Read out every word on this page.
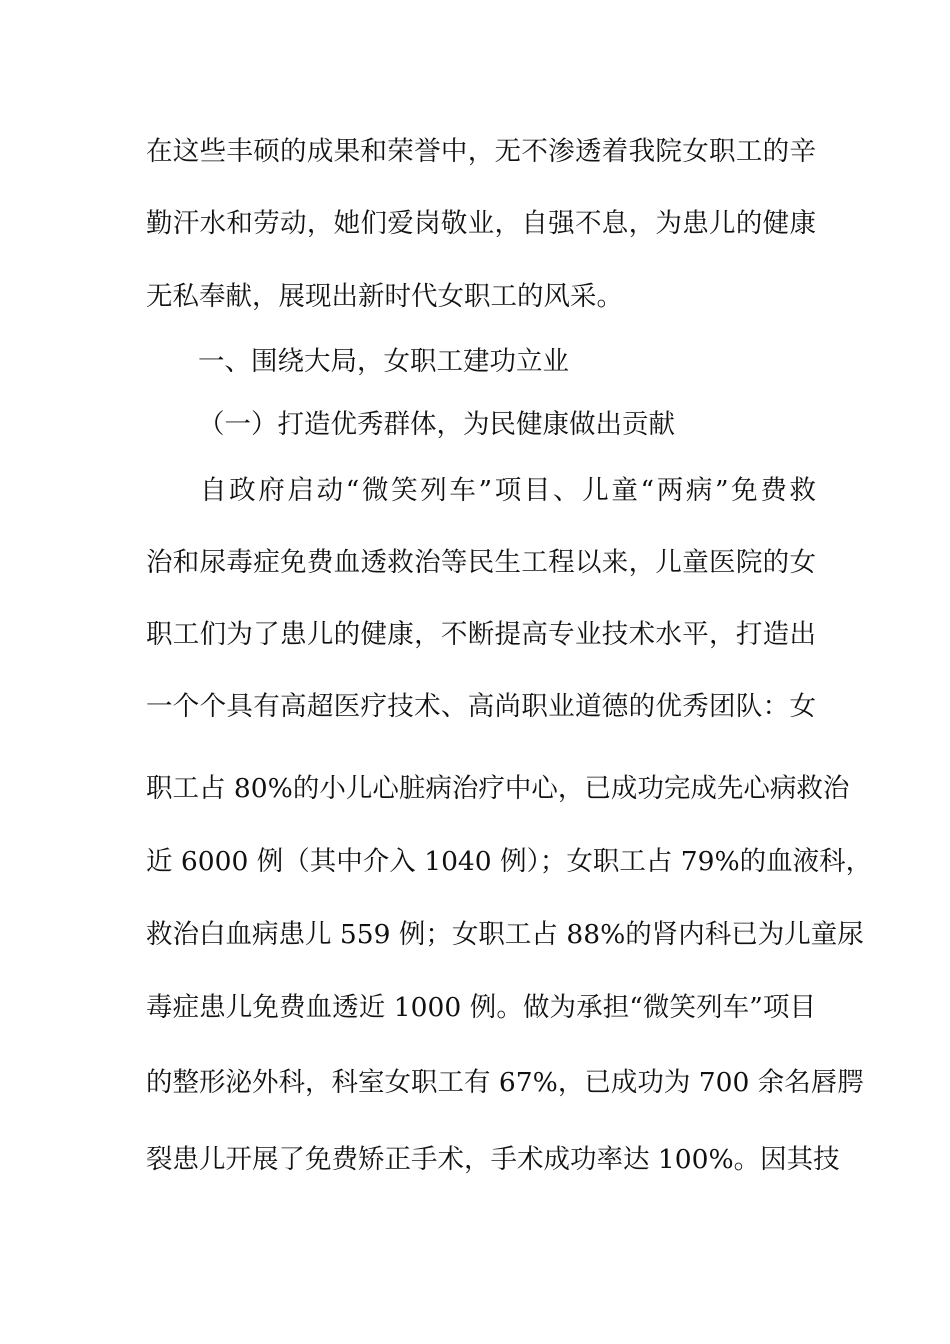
在这些丰硕的成果和荣誉中，无不渗透着我院女职工的辛
勤汗水和劳动，她们爱岗敬业，自强不息，为患儿的健康
无私奉献，展现出新时代女职工的风采。
一、围绕大局，女职工建功立业
（一）打造优秀群体，为民健康做出贡献
自政府启动“微笑列车”项目、儿童“两病”免费救
治和尿毒症免费血透救治等民生工程以来，儿童医院的女
职工们为了患儿的健康，不断提高专业技术水平，打造出
一个个具有高超医疗技术、高尚职业道德的优秀团队：女
职工占 80%的小儿心脏病治疗中心，已成功完成先心病救治
近 6000 例（其中介入 1040 例）；女职工占 79%的血液科，
救治白血病患儿 559 例；女职工占 88%的肾内科已为儿童尿
毒症患儿免费血透近 1000 例。做为承担“微笑列车”项目
的整形泌外科，科室女职工有 67%，已成功为 700 余名唇腭
裂患儿开展了免费矫正手术，手术成功率达 100%。因其技
